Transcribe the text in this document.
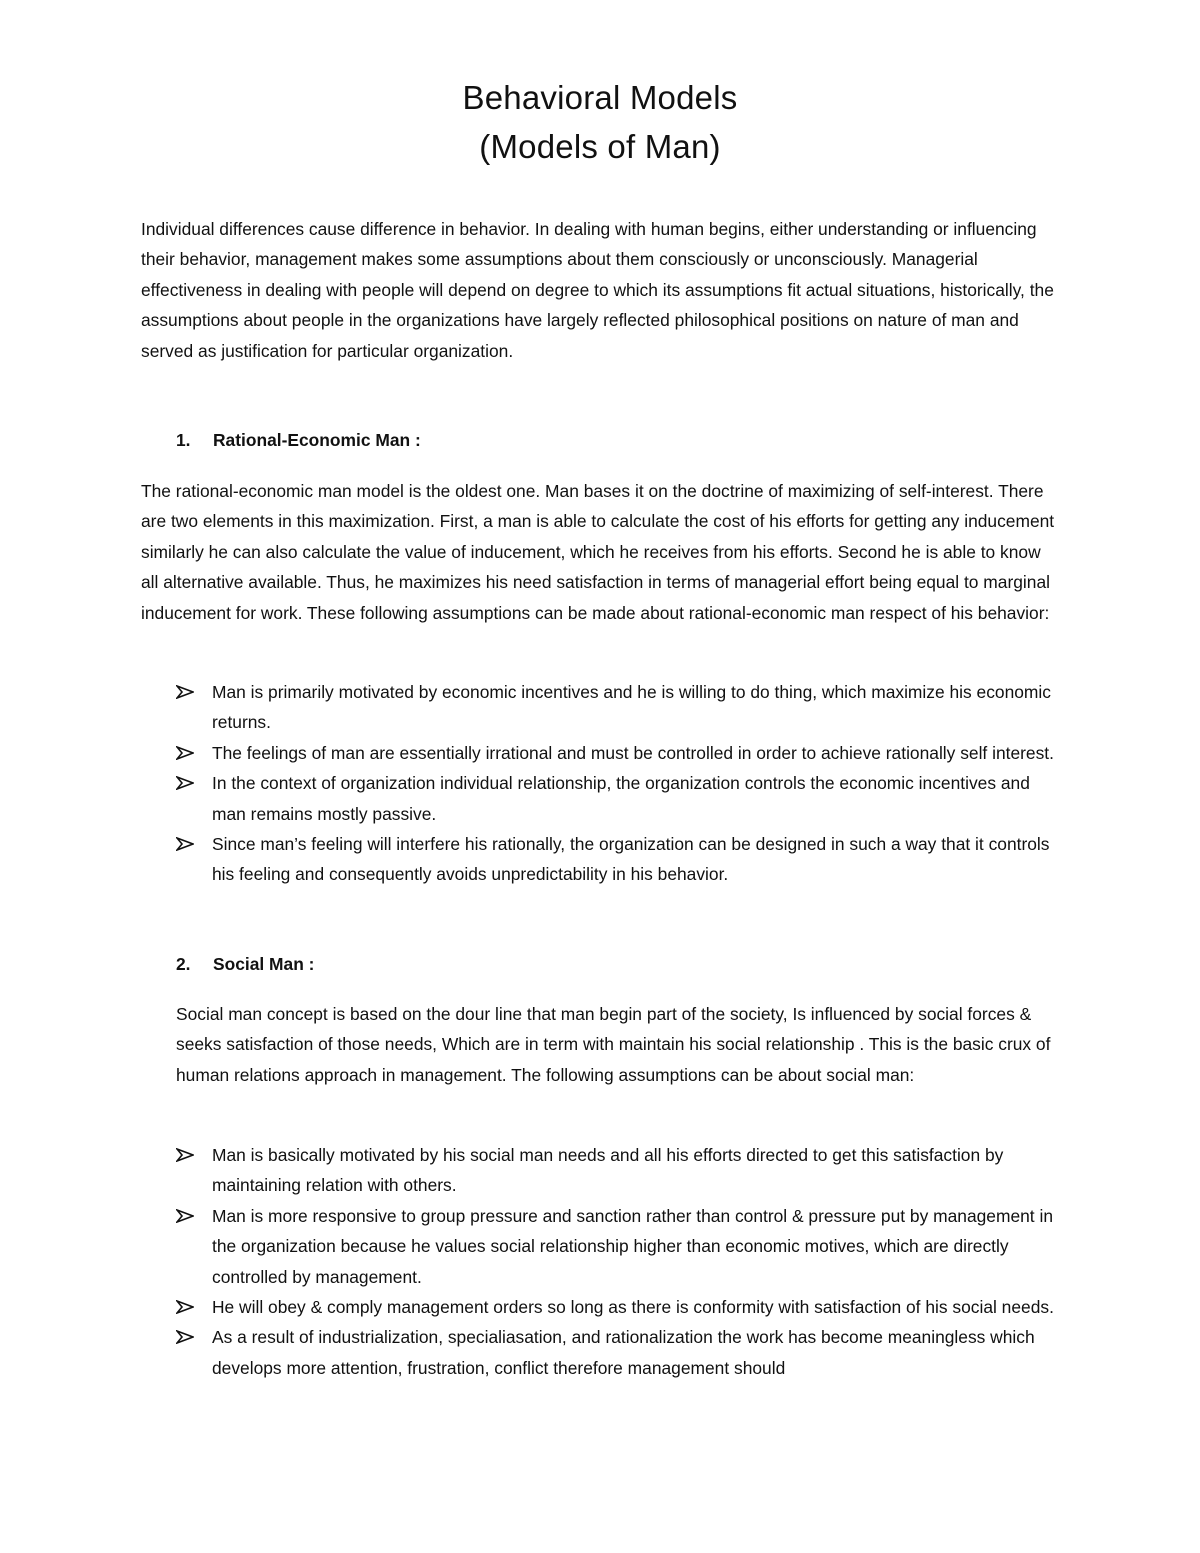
Behavioral Models
(Models of Man)

Individual differences cause difference in behavior. In dealing with human begins, either understanding or influencing their behavior, management makes some assumptions about them consciously or unconsciously. Managerial effectiveness in dealing with people will depend on degree to which its assumptions fit actual situations, historically, the assumptions about people in the organizations have largely reflected philosophical positions on nature of man and served as justification for particular organization.

1. Rational-Economic Man :

The rational-economic man model is the oldest one. Man bases it on the doctrine of maximizing of self-interest. There are two elements in this maximization. First, a man is able to calculate the cost of his efforts for getting any inducement similarly he can also calculate the value of inducement, which he receives from his efforts. Second he is able to know all alternative available. Thus, he maximizes his need satisfaction in terms of managerial effort being equal to marginal inducement for work. These following assumptions can be made about rational-economic man respect of his behavior:

Man is primarily motivated by economic incentives and he is willing to do thing, which maximize his economic returns.
The feelings of man are essentially irrational and must be controlled in order to achieve rationally self interest.
In the context of organization individual relationship, the organization controls the economic incentives and man remains mostly passive.
Since man’s feeling will interfere his rationally, the organization can be designed in such a way that it controls his feeling and consequently avoids unpredictability in his behavior.
2. Social Man :

Social man concept is based on the dour line that man begin part of the society, Is influenced by social forces & seeks satisfaction of those needs, Which are in term with maintain his social relationship . This is the basic crux of human relations approach in management. The following assumptions can be about social man:

Man is basically motivated by his social man needs and all his efforts directed to get this satisfaction by maintaining relation with others.
Man is more responsive to group pressure and sanction rather than control & pressure put by management in the organization because he values social relationship higher than economic motives, which are directly controlled by management.
He will obey & comply management orders so long as there is conformity with satisfaction of his social needs.
As a result of industrialization, specialiasation, and rationalization the work has become meaningless which develops more attention, frustration, conflict therefore management should
